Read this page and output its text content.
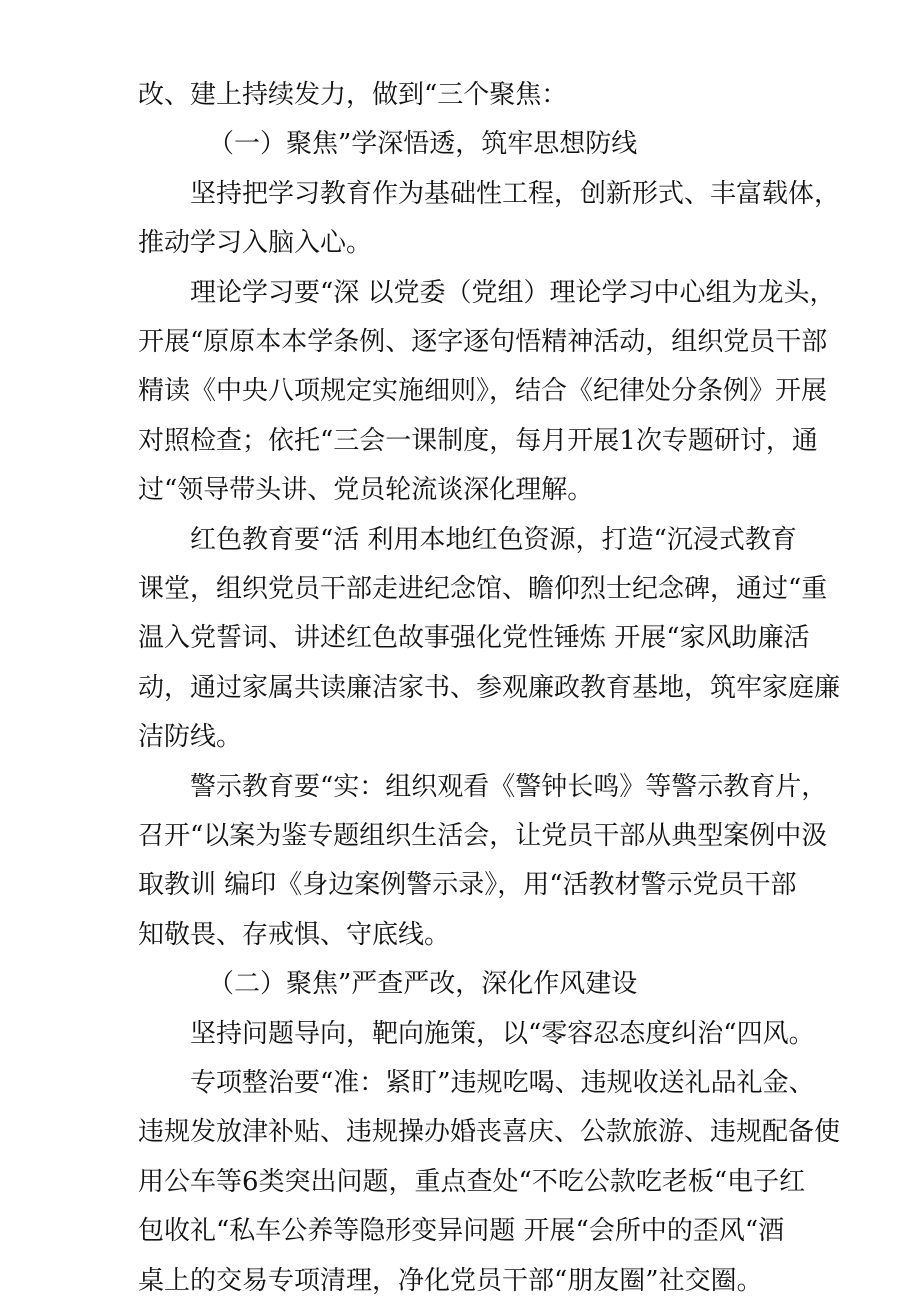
改、建上持续发力，做到“三个聚焦：
（一）聚焦”学深悟透，筑牢思想防线
坚持把学习教育作为基础性工程，创新形式、丰富载体，
推动学习入脑入心。
理论学习要“深 以党委（党组）理论学习中心组为龙头，
开展“原原本本学条例、逐字逐句悟精神活动，组织党员干部
精读《中央八项规定实施细则》，结合《纪律处分条例》开展
对照检查；依托“三会一课制度，每月开展1次专题研讨，通
过“领导带头讲、党员轮流谈深化理解。
红色教育要“活 利用本地红色资源，打造“沉浸式教育
课堂，组织党员干部走进纪念馆、瞻仰烈士纪念碑，通过“重
温入党誓词、讲述红色故事强化党性锤炼 开展“家风助廉活
动，通过家属共读廉洁家书、参观廉政教育基地，筑牢家庭廉
洁防线。
警示教育要“实：组织观看《警钟长鸣》等警示教育片，
召开“以案为鉴专题组织生活会，让党员干部从典型案例中汲
取教训 编印《身边案例警示录》，用“活教材警示党员干部
知敬畏、存戒惧、守底线。
（二）聚焦”严查严改，深化作风建设
坚持问题导向，靶向施策，以“零容忍态度纠治“四风。
专项整治要“准：紧盯”违规吃喝、违规收送礼品礼金、
违规发放津补贴、违规操办婚丧喜庆、公款旅游、违规配备使
用公车等6类突出问题，重点查处“不吃公款吃老板“电子红
包收礼“私车公养等隐形变异问题 开展“会所中的歪风“酒
桌上的交易专项清理，净化党员干部“朋友圈”社交圈。
